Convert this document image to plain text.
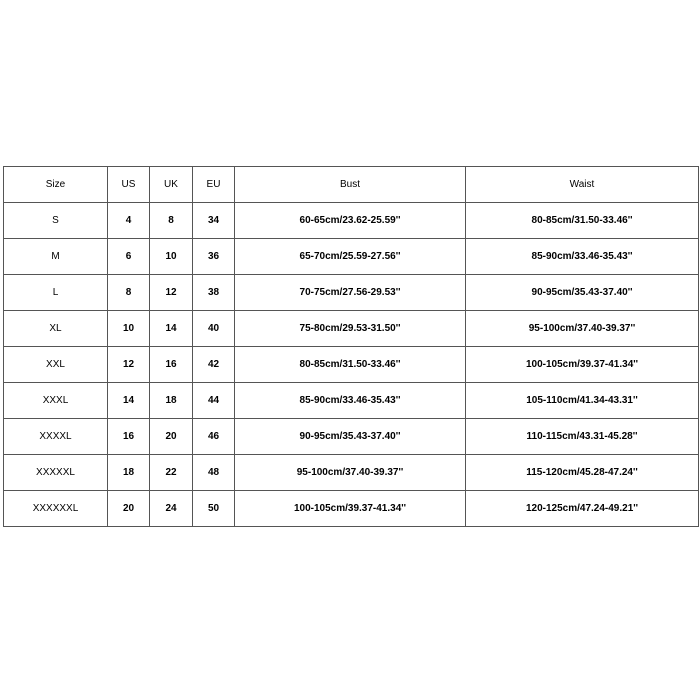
Size	US	UK	EU	Bust	Waist
S	4	8	34	60-65cm/23.62-25.59''	80-85cm/31.50-33.46''
M	6	10	36	65-70cm/25.59-27.56''	85-90cm/33.46-35.43''
L	8	12	38	70-75cm/27.56-29.53''	90-95cm/35.43-37.40''
XL	10	14	40	75-80cm/29.53-31.50''	95-100cm/37.40-39.37''
XXL	12	16	42	80-85cm/31.50-33.46''	100-105cm/39.37-41.34''
XXXL	14	18	44	85-90cm/33.46-35.43''	105-110cm/41.34-43.31''
XXXXL	16	20	46	90-95cm/35.43-37.40''	110-115cm/43.31-45.28''
XXXXXL	18	22	48	95-100cm/37.40-39.37''	115-120cm/45.28-47.24''
XXXXXXL	20	24	50	100-105cm/39.37-41.34''	120-125cm/47.24-49.21''
